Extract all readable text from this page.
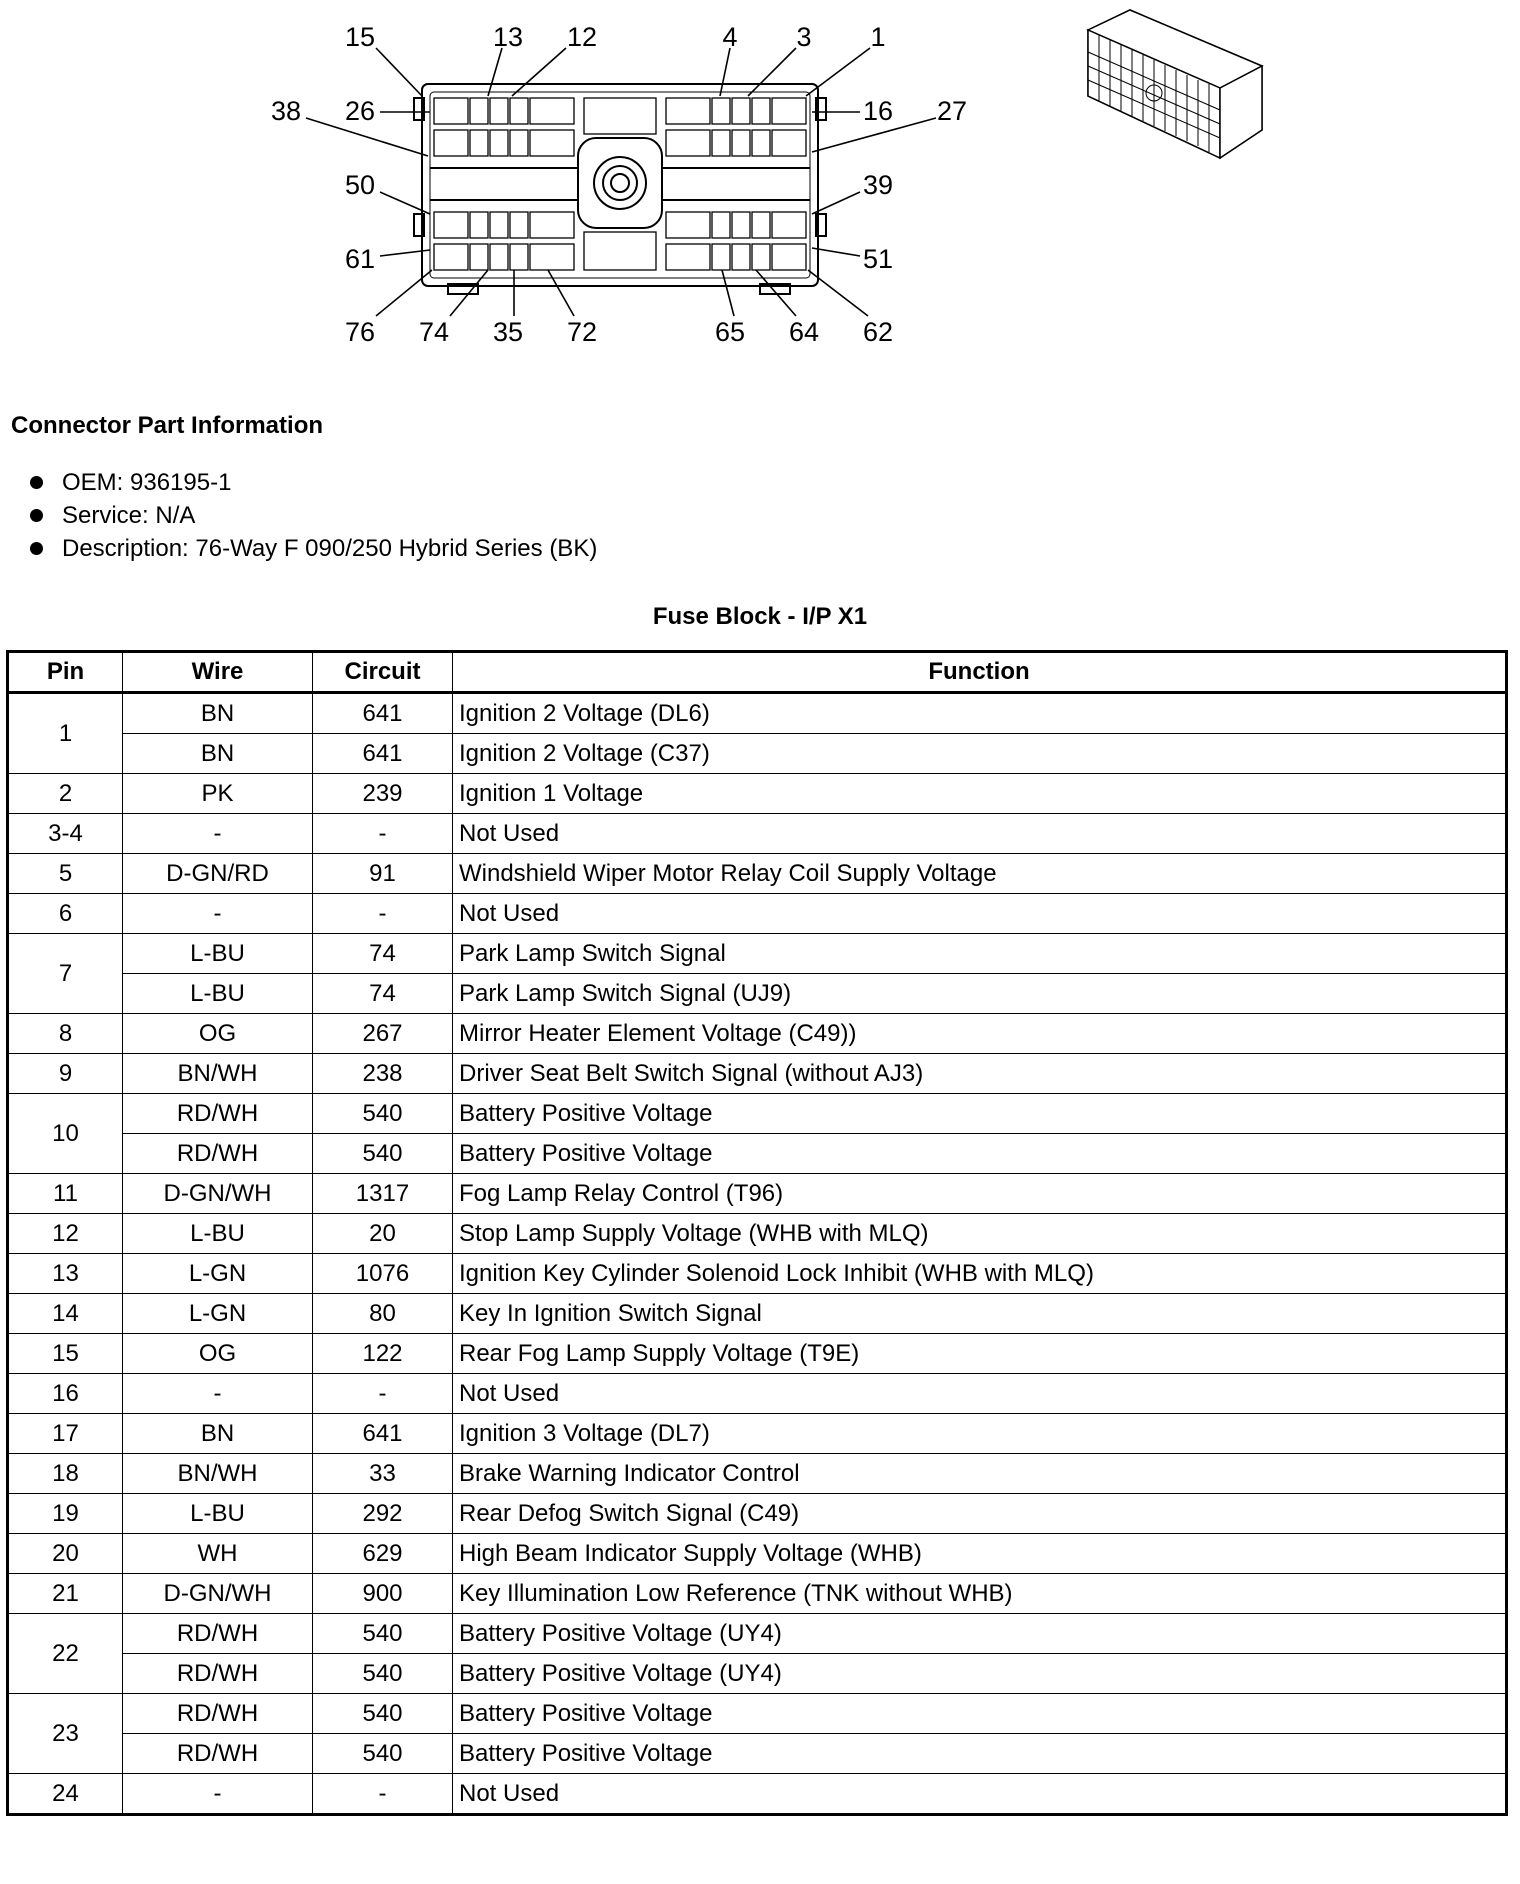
15	13 12	4 3 1
38 26
50
61
16 27
39
51
76 74 35 72	65 64 62
Connector Part Information
OEM: 936195-1
Service: N/A
Description: 76-Way F 090/250 Hybrid Series (BK)
Fuse Block - I/P X1
Pin	Wire	Circuit	Function
1	BN	641	Ignition 2 Voltage (DL6)
	BN	641	Ignition 2 Voltage (C37)
2	PK	239	Ignition 1 Voltage
3-4	-	-	Not Used
5	D-GN/RD	91	Windshield Wiper Motor Relay Coil Supply Voltage
6	-	-	Not Used
7	L-BU	74	Park Lamp Switch Signal
	L-BU	74	Park Lamp Switch Signal (UJ9)
8	OG	267	Mirror Heater Element Voltage (C49))
9	BN/WH	238	Driver Seat Belt Switch Signal (without AJ3)
10	RD/WH	540	Battery Positive Voltage
	RD/WH	540	Battery Positive Voltage
11	D-GN/WH	1317	Fog Lamp Relay Control (T96)
12	L-BU	20	Stop Lamp Supply Voltage (WHB with MLQ)
13	L-GN	1076	Ignition Key Cylinder Solenoid Lock Inhibit (WHB with MLQ)
14	L-GN	80	Key In Ignition Switch Signal
15	OG	122	Rear Fog Lamp Supply Voltage (T9E)
16	-	-	Not Used
17	BN	641	Ignition 3 Voltage (DL7)
18	BN/WH	33	Brake Warning Indicator Control
19	L-BU	292	Rear Defog Switch Signal (C49)
20	WH	629	High Beam Indicator Supply Voltage (WHB)
21	D-GN/WH	900	Key Illumination Low Reference (TNK without WHB)
22	RD/WH	540	Battery Positive Voltage (UY4)
	RD/WH	540	Battery Positive Voltage (UY4)
23	RD/WH	540	Battery Positive Voltage
	RD/WH	540	Battery Positive Voltage
24	-	-	Not Used
